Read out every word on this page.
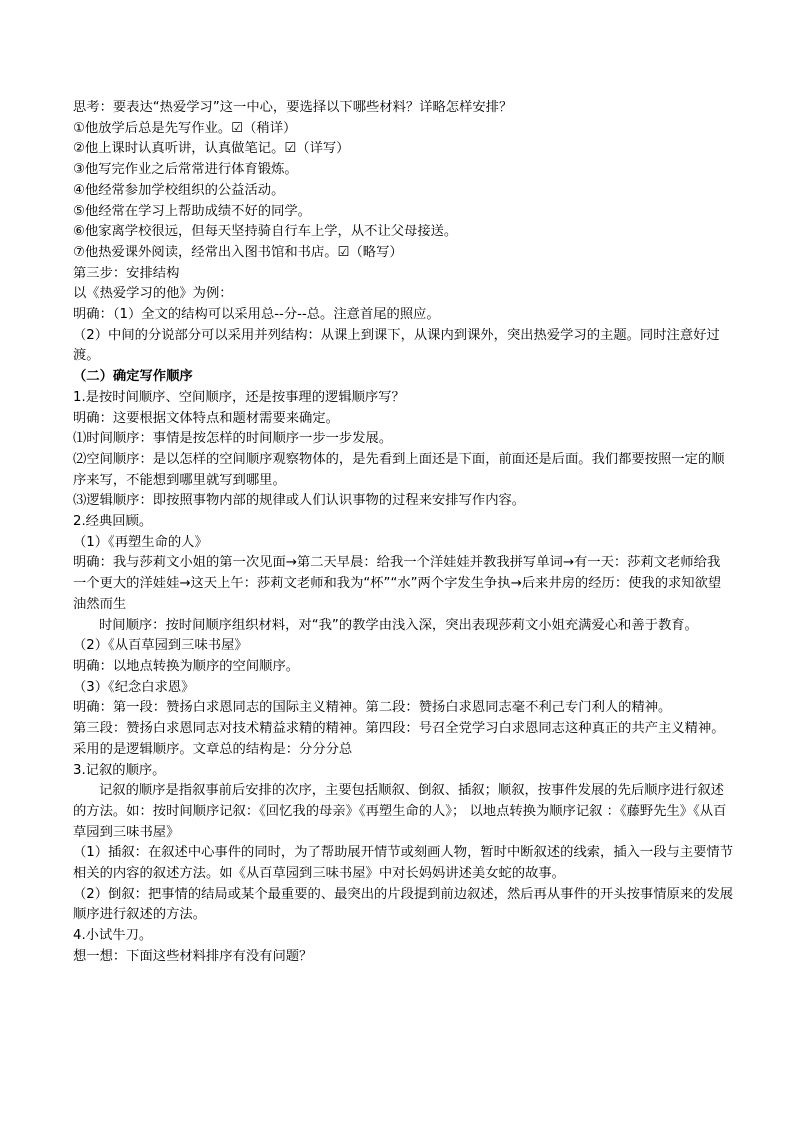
思考：要表达“热爱学习”这一中心，要选择以下哪些材料？详略怎样安排？

①他放学后总是先写作业。☑（稍详）

②他上课时认真听讲，认真做笔记。☑（详写）

③他写完作业之后常常进行体育锻炼。

④他经常参加学校组织的公益活动。

⑤他经常在学习上帮助成绩不好的同学。

⑥他家离学校很远，但每天坚持骑自行车上学，从不让父母接送。

⑦他热爱课外阅读，经常出入图书馆和书店。☑（略写）

第三步：安排结构

以《热爱学习的他》为例：

明确：（1）全文的结构可以采用总--分--总。注意首尾的照应。

（2）中间的分说部分可以采用并列结构：从课上到课下，从课内到课外，突出热爱学习的主题。同时注意好过渡。

（二）确定写作顺序

1.是按时间顺序、空间顺序，还是按事理的逻辑顺序写？

明确：这要根据文体特点和题材需要来确定。

⑴时间顺序：事情是按怎样的时间顺序一步一步发展。

⑵空间顺序：是以怎样的空间顺序观察物体的，是先看到上面还是下面，前面还是后面。我们都要按照一定的顺序来写，不能想到哪里就写到哪里。

⑶逻辑顺序：即按照事物内部的规律或人们认识事物的过程来安排写作内容。

2.经典回顾。

（1）《再塑生命的人》

明确：我与莎莉文小姐的第一次见面→第二天早晨：给我一个洋娃娃并教我拼写单词→有一天：莎莉文老师给我一个更大的洋娃娃→这天上午：莎莉文老师和我为“杯”“水”两个字发生争执→后来井房的经历：使我的求知欲望油然而生

时间顺序：按时间顺序组织材料，对“我”的教学由浅入深，突出表现莎莉文小姐充满爱心和善于教育。

（2）《从百草园到三味书屋》

明确：以地点转换为顺序的空间顺序。

（3）《纪念白求恩》

明确：第一段：赞扬白求恩同志的国际主义精神。第二段：赞扬白求恩同志毫不利己专门利人的精神。

第三段：赞扬白求恩同志对技术精益求精的精神。第四段：号召全党学习白求恩同志这种真正的共产主义精神。

采用的是逻辑顺序。文章总的结构是：分分分总

3.记叙的顺序。

记叙的顺序是指叙事前后安排的次序，主要包括顺叙、倒叙、插叙；顺叙，按事件发展的先后顺序进行叙述的方法。如：按时间顺序记叙：《回忆我的母亲》《再塑生命的人》； 以地点转换为顺序记叙 ：《藤野先生》《从百草园到三味书屋》

（1）插叙：在叙述中心事件的同时，为了帮助展开情节或刻画人物，暂时中断叙述的线索，插入一段与主要情节相关的内容的叙述方法。如《从百草园到三味书屋》中对长妈妈讲述美女蛇的故事。

（2）倒叙：把事情的结局或某个最重要的、最突出的片段提到前边叙述，然后再从事件的开头按事情原来的发展顺序进行叙述的方法。

4.小试牛刀。

想一想：下面这些材料排序有没有问题？
